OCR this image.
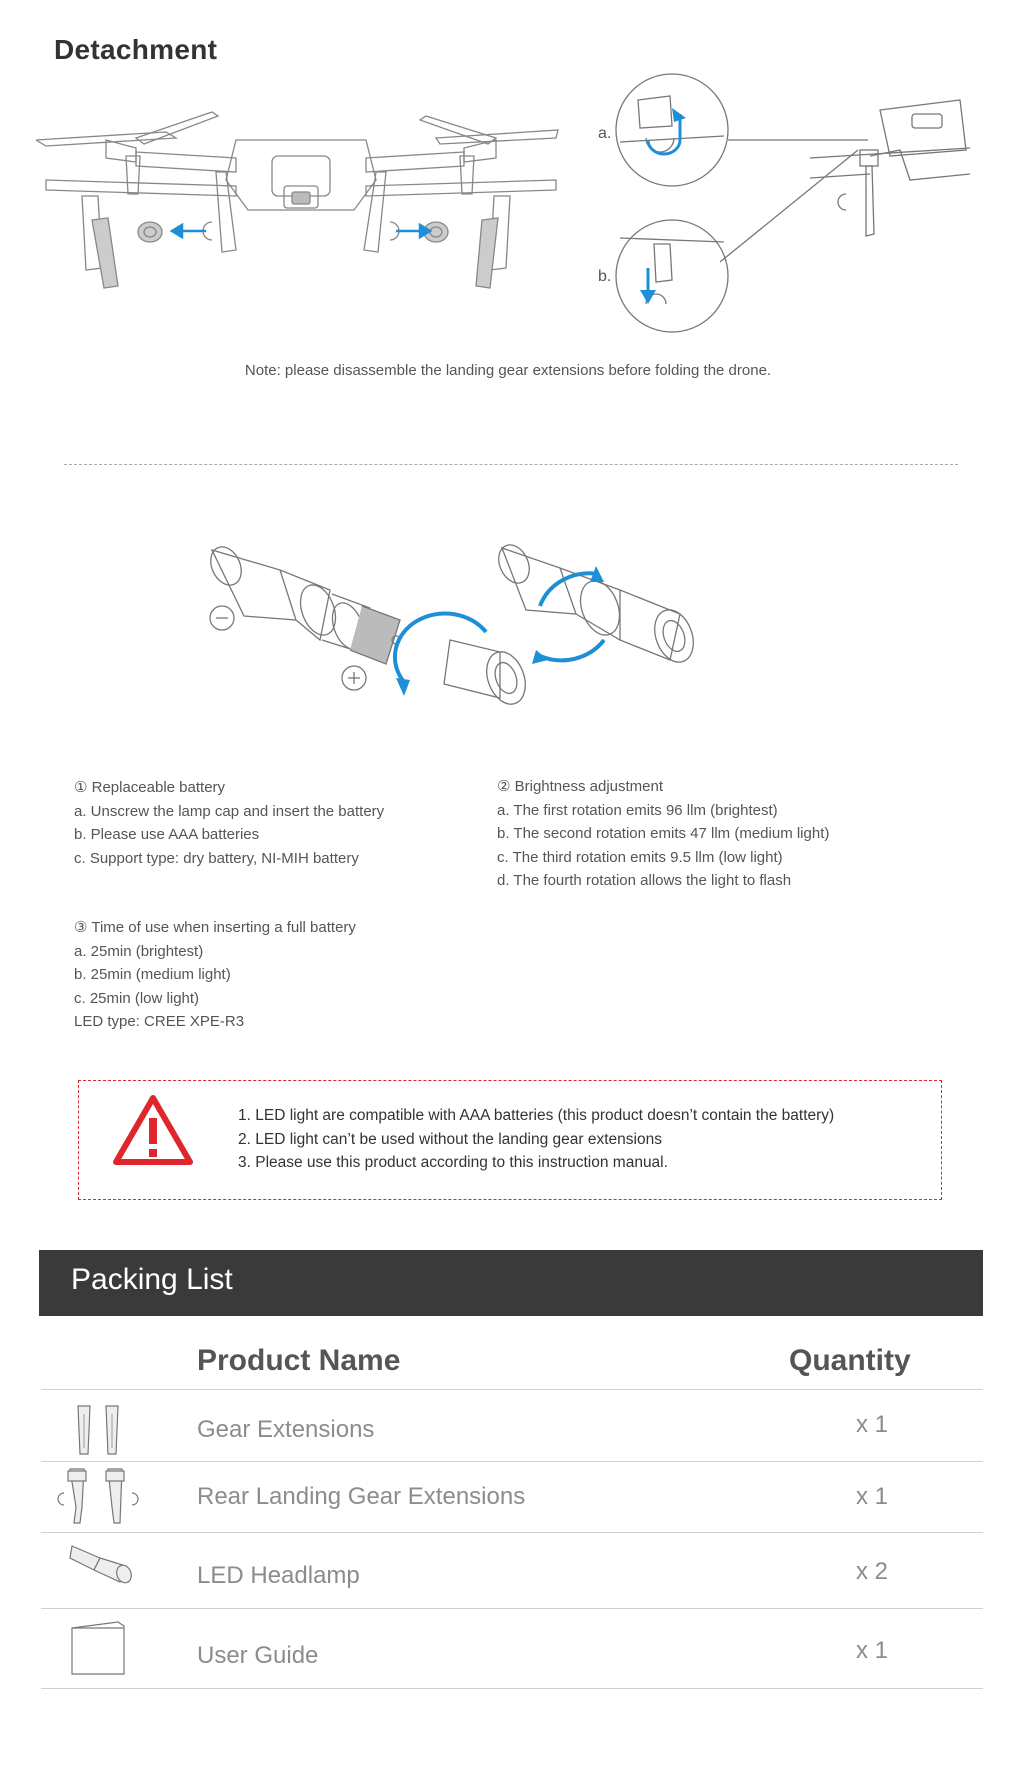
Detachment
a.
b.
Note: please disassemble the landing gear extensions before folding the drone.
① Replaceable battery
a. Unscrew the lamp cap and insert the battery
b. Please use AAA batteries
c. Support type: dry battery, NI-MIH battery
② Brightness adjustment
a. The first rotation emits 96 llm (brightest)
b. The second rotation emits 47 llm (medium light)
c. The third rotation emits 9.5 llm (low light)
d. The fourth rotation allows the light to flash
③ Time of use when inserting a full battery
a. 25min (brightest)
b. 25min (medium light)
c. 25min (low light)
LED type: CREE XPE-R3
1. LED light are compatible with AAA batteries (this product doesn’t contain the battery)
2. LED light can’t be used without the landing gear extensions
3. Please use this product according to this instruction manual.
Packing List
Product Name	Quantity
Gear Extensions	x 1
Rear Landing Gear Extensions	x 1
LED Headlamp	x 2
User Guide	x 1
